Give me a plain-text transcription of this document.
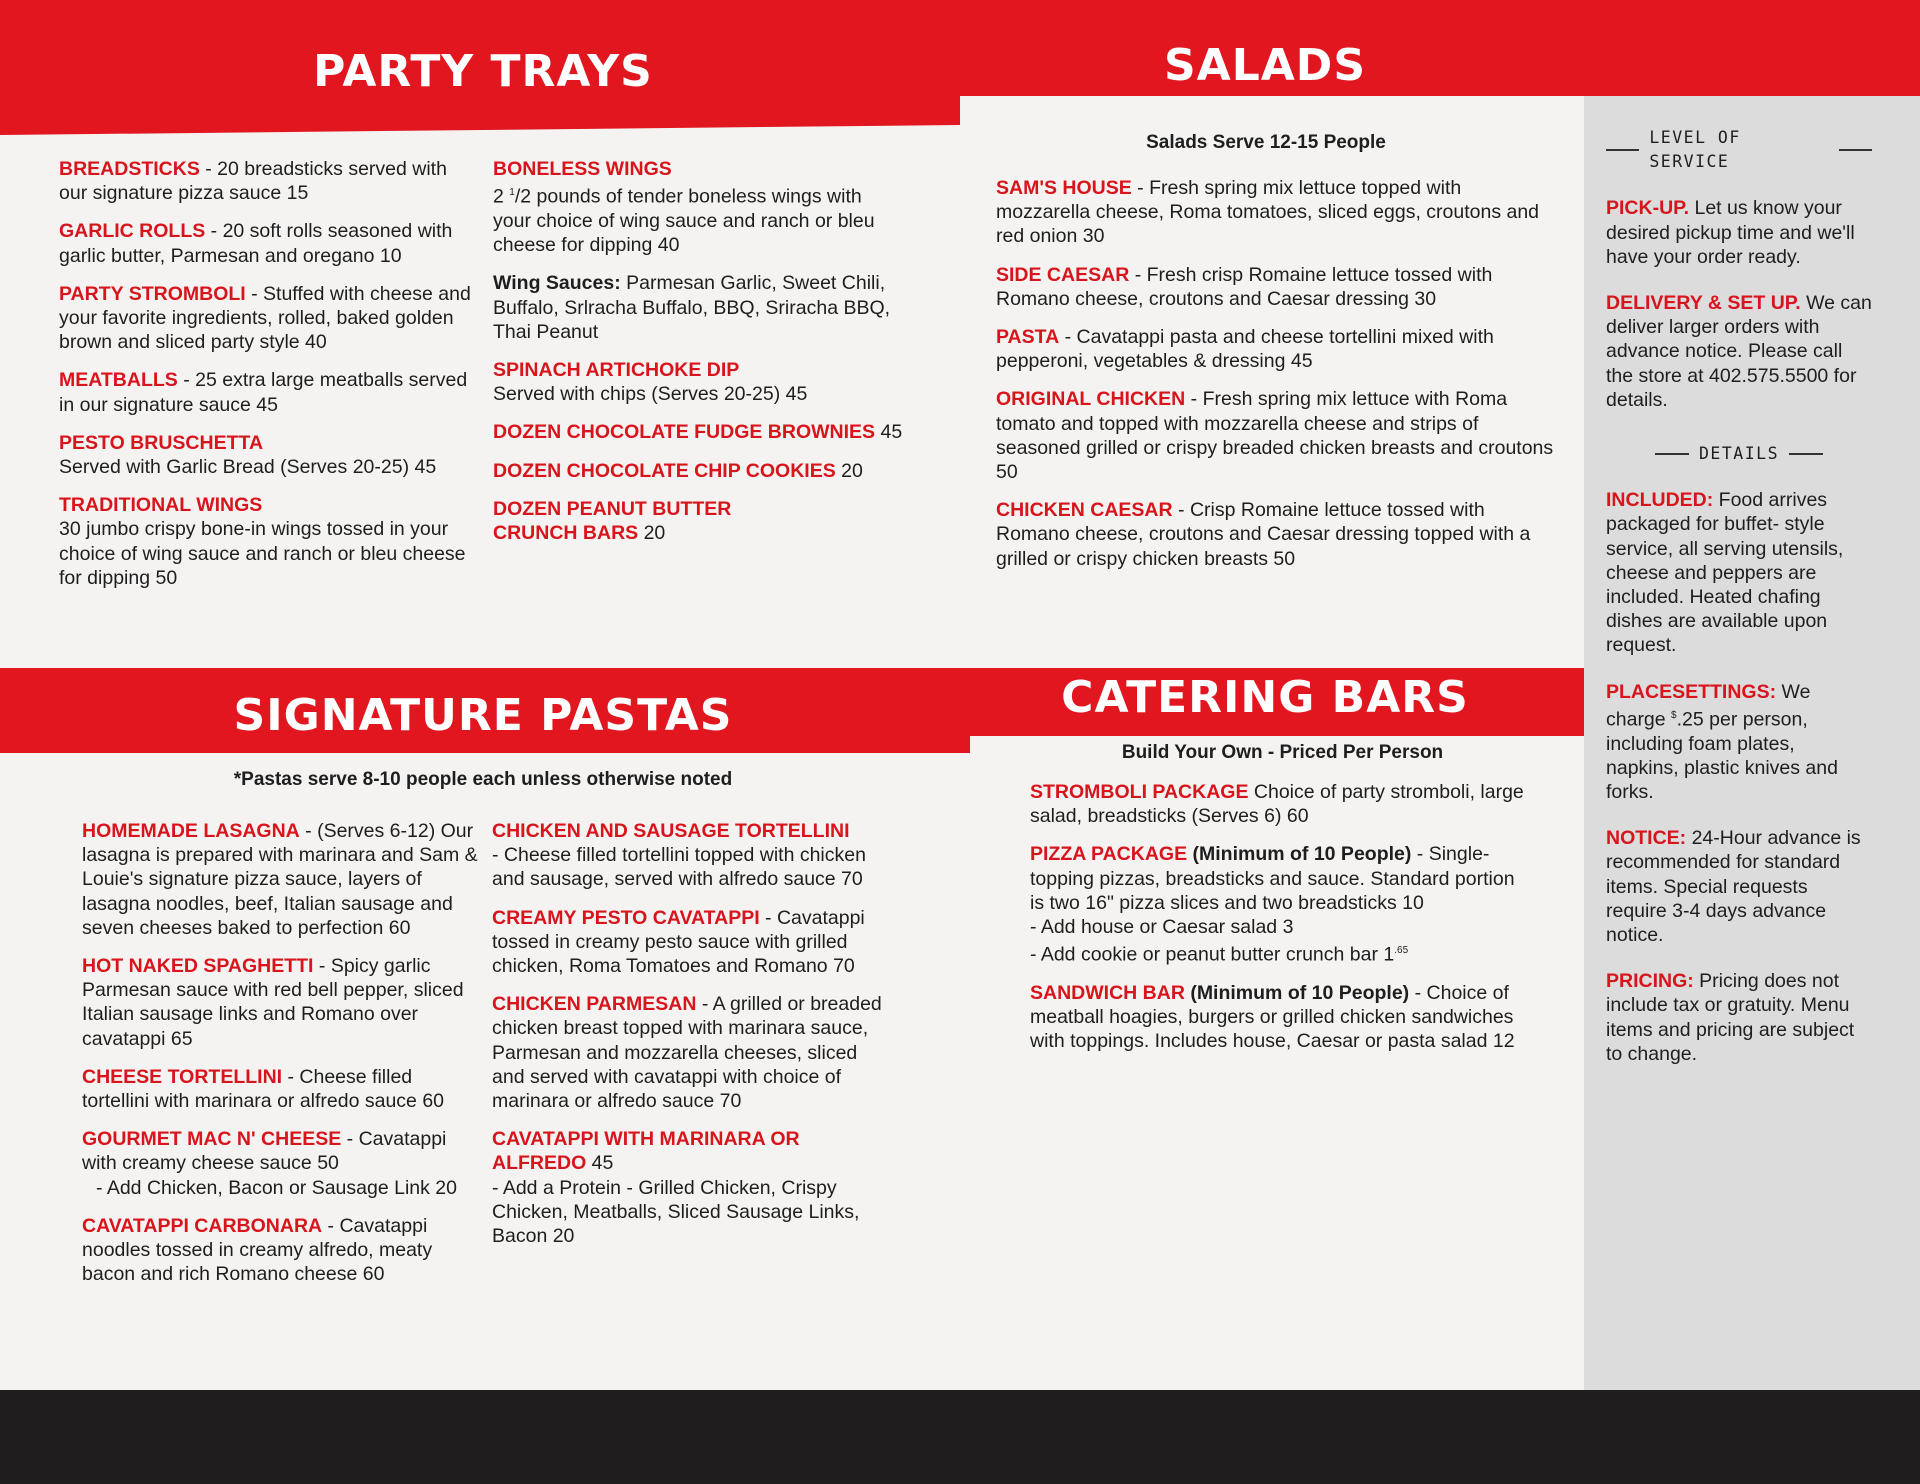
PARTY TRAYS	SALADS
SIGNATURE PASTAS	CATERING BARS
BREADSTICKS - 20 breadsticks served with our signature pizza sauce 15
GARLIC ROLLS - 20 soft rolls seasoned with garlic butter, Parmesan and oregano 10
PARTY STROMBOLI - Stuffed with cheese and your favorite ingredients, rolled, baked golden brown and sliced party style 40
MEATBALLS - 25 extra large meatballs served in our signature sauce 45
PESTO BRUSCHETTA
Served with Garlic Bread (Serves 20-25) 45
TRADITIONAL WINGS
30 jumbo crispy bone-in wings tossed in your choice of wing sauce and ranch or bleu cheese for dipping 50
BONELESS WINGS
2 $^1$/2 pounds of tender boneless wings with your choice of wing sauce and ranch or bleu cheese for dipping 40
Wing Sauces: Parmesan Garlic, Sweet Chili, Buffalo, Srlracha Buffalo, BBQ, Sriracha BBQ, Thai Peanut
SPINACH ARTICHOKE DIP
Served with chips (Serves 20-25) 45
DOZEN CHOCOLATE FUDGE BROWNIES 45
DOZEN CHOCOLATE CHIP COOKIES 20
DOZEN PEANUT BUTTER CRUNCH BARS 20
Salads Serve 12-15 People
SAM'S HOUSE - Fresh spring mix lettuce topped with mozzarella cheese, Roma tomatoes, sliced eggs, croutons and red onion 30
SIDE CAESAR - Fresh crisp Romaine lettuce tossed with Romano cheese, croutons and Caesar dressing 30
PASTA - Cavatappi pasta and cheese tortellini mixed with pepperoni, vegetables & dressing 45
ORIGINAL CHICKEN - Fresh spring mix lettuce with Roma tomato and topped with mozzarella cheese and strips of seasoned grilled or crispy breaded chicken breasts and croutons 50
CHICKEN CAESAR - Crisp Romaine lettuce tossed with Romano cheese, croutons and Caesar dressing topped with a grilled or crispy chicken breasts 50
*Pastas serve 8-10 people each unless otherwise noted
HOMEMADE LASAGNA - (Serves 6-12) Our lasagna is prepared with marinara and Sam & Louie's signature pizza sauce, layers of lasagna noodles, beef, Italian sausage and seven cheeses baked to perfection 60
HOT NAKED SPAGHETTI - Spicy garlic Parmesan sauce with red bell pepper, sliced Italian sausage links and Romano over cavatappi 65
CHEESE TORTELLINI - Cheese filled tortellini with marinara or alfredo sauce 60
GOURMET MAC N' CHEESE - Cavatappi with creamy cheese sauce 50
- Add Chicken, Bacon or Sausage Link 20
CAVATAPPI CARBONARA - Cavatappi noodles tossed in creamy alfredo, meaty bacon and rich Romano cheese 60
CHICKEN AND SAUSAGE TORTELLINI
- Cheese filled tortellini topped with chicken and sausage, served with alfredo sauce 70
CREAMY PESTO CAVATAPPI - Cavatappi tossed in creamy pesto sauce with grilled chicken, Roma Tomatoes and Romano 70
CHICKEN PARMESAN - A grilled or breaded chicken breast topped with marinara sauce, Parmesan and mozzarella cheeses, sliced and served with cavatappi with choice of marinara or alfredo sauce 70
CAVATAPPI WITH MARINARA OR ALFREDO 45
- Add a Protein - Grilled Chicken, Crispy Chicken, Meatballs, Sliced Sausage Links, Bacon 20
Build Your Own - Priced Per Person
STROMBOLI PACKAGE Choice of party stromboli, large salad, breadsticks (Serves 6) 60
PIZZA PACKAGE (Minimum of 10 People) - Single-topping pizzas, breadsticks and sauce. Standard portion is two 16" pizza slices and two breadsticks 10
- Add house or Caesar salad 3
- Add cookie or peanut butter crunch bar $1^{.65}$
SANDWICH BAR (Minimum of 10 People) - Choice of meatball hoagies, burgers or grilled chicken sandwiches with toppings. Includes house, Caesar or pasta salad 12
LEVEL OF SERVICE
PICK-UP. Let us know your desired pickup time and we'll have your order ready.
DELIVERY & SET UP. We can deliver larger orders with advance notice. Please call the store at 402.575.5500 for details.
DETAILS
INCLUDED: Food arrives packaged for buffet- style service, all serving utensils, cheese and peppers are included. Heated chafing dishes are available upon request.
PLACESETTINGS: We charge $.25 per person, including foam plates, napkins, plastic knives and forks.
NOTICE: 24-Hour advance is recommended for standard items. Special requests require 3-4 days advance notice.
PRICING: Pricing does not include tax or gratuity. Menu items and pricing are subject to change.
